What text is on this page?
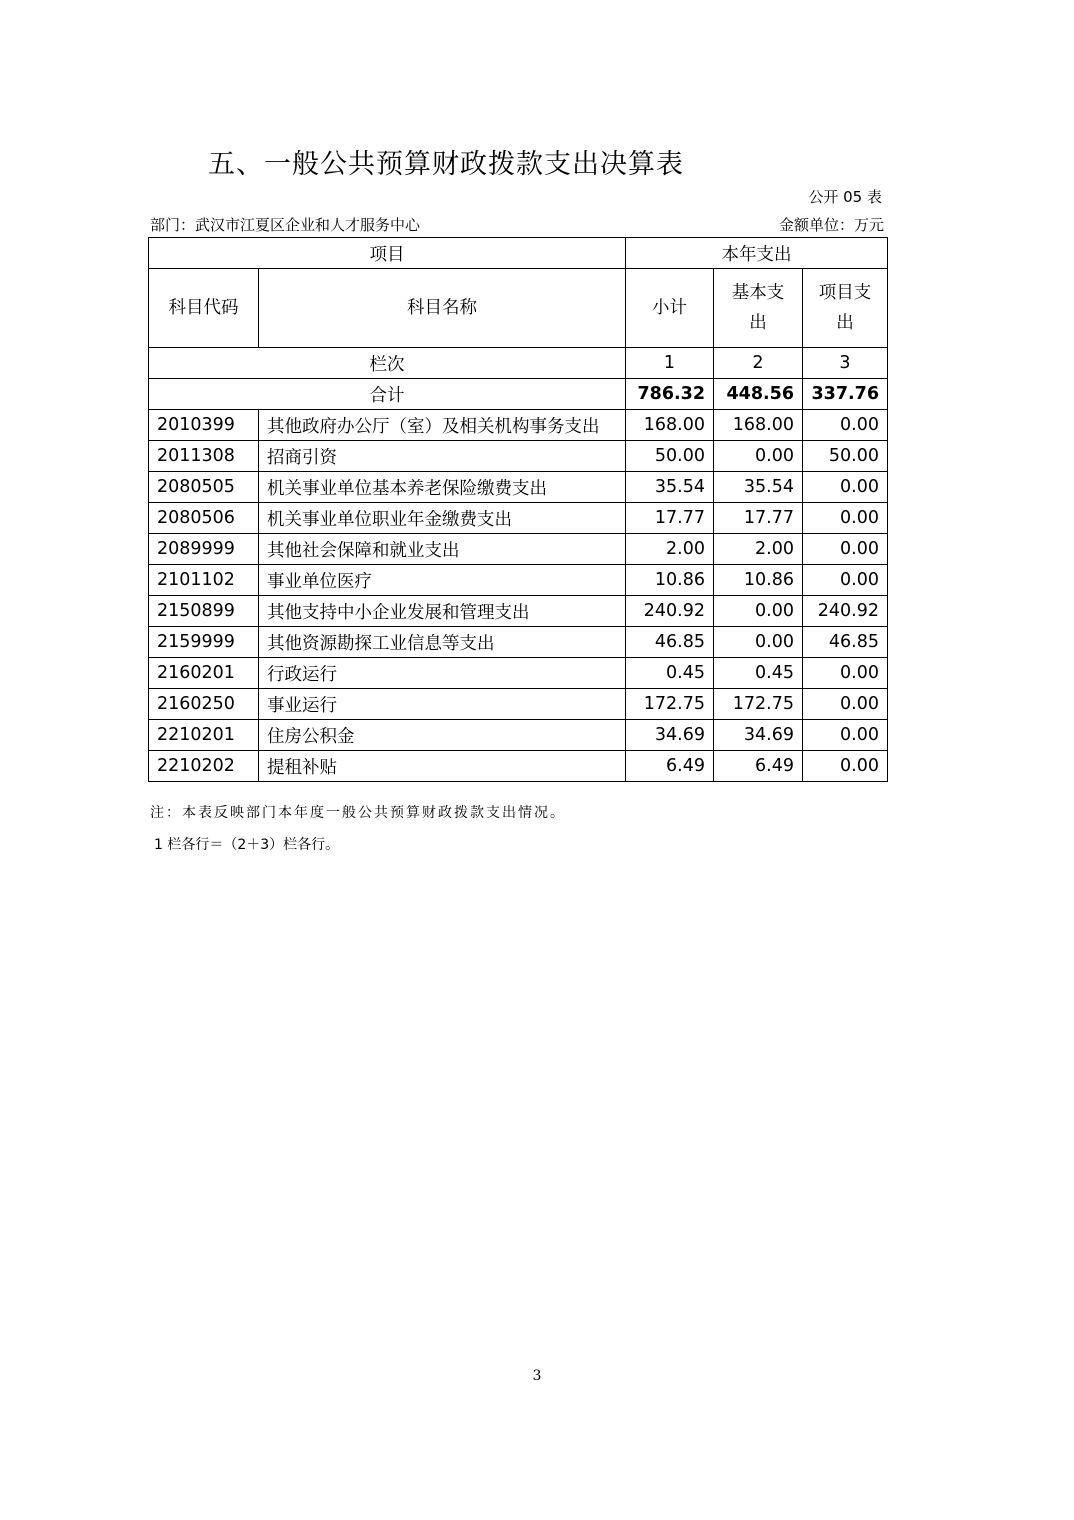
五、一般公共预算财政拨款支出决算表
公开 05 表
部门：武汉市江夏区企业和人才服务中心	金额单位：万元
项目		本年支出		
科目代码	科目名称	小计	基本支出	项目支出
栏次		1	2	3
合计		786.32	448.56	337.76
2010399	其他政府办公厅（室）及相关机构事务支出	168.00	168.00	0.00
2011308	招商引资	50.00	0.00	50.00
2080505	机关事业单位基本养老保险缴费支出	35.54	35.54	0.00
2080506	机关事业单位职业年金缴费支出	17.77	17.77	0.00
2089999	其他社会保障和就业支出	2.00	2.00	0.00
2101102	事业单位医疗	10.86	10.86	0.00
2150899	其他支持中小企业发展和管理支出	240.92	0.00	240.92
2159999	其他资源勘探工业信息等支出	46.85	0.00	46.85
2160201	行政运行	0.45	0.45	0.00
2160250	事业运行	172.75	172.75	0.00
2210201	住房公积金	34.69	34.69	0.00
2210202	提租补贴	6.49	6.49	0.00
注：本表反映部门本年度一般公共预算财政拨款支出情况。
1 栏各行＝（2＋3）栏各行。
3
